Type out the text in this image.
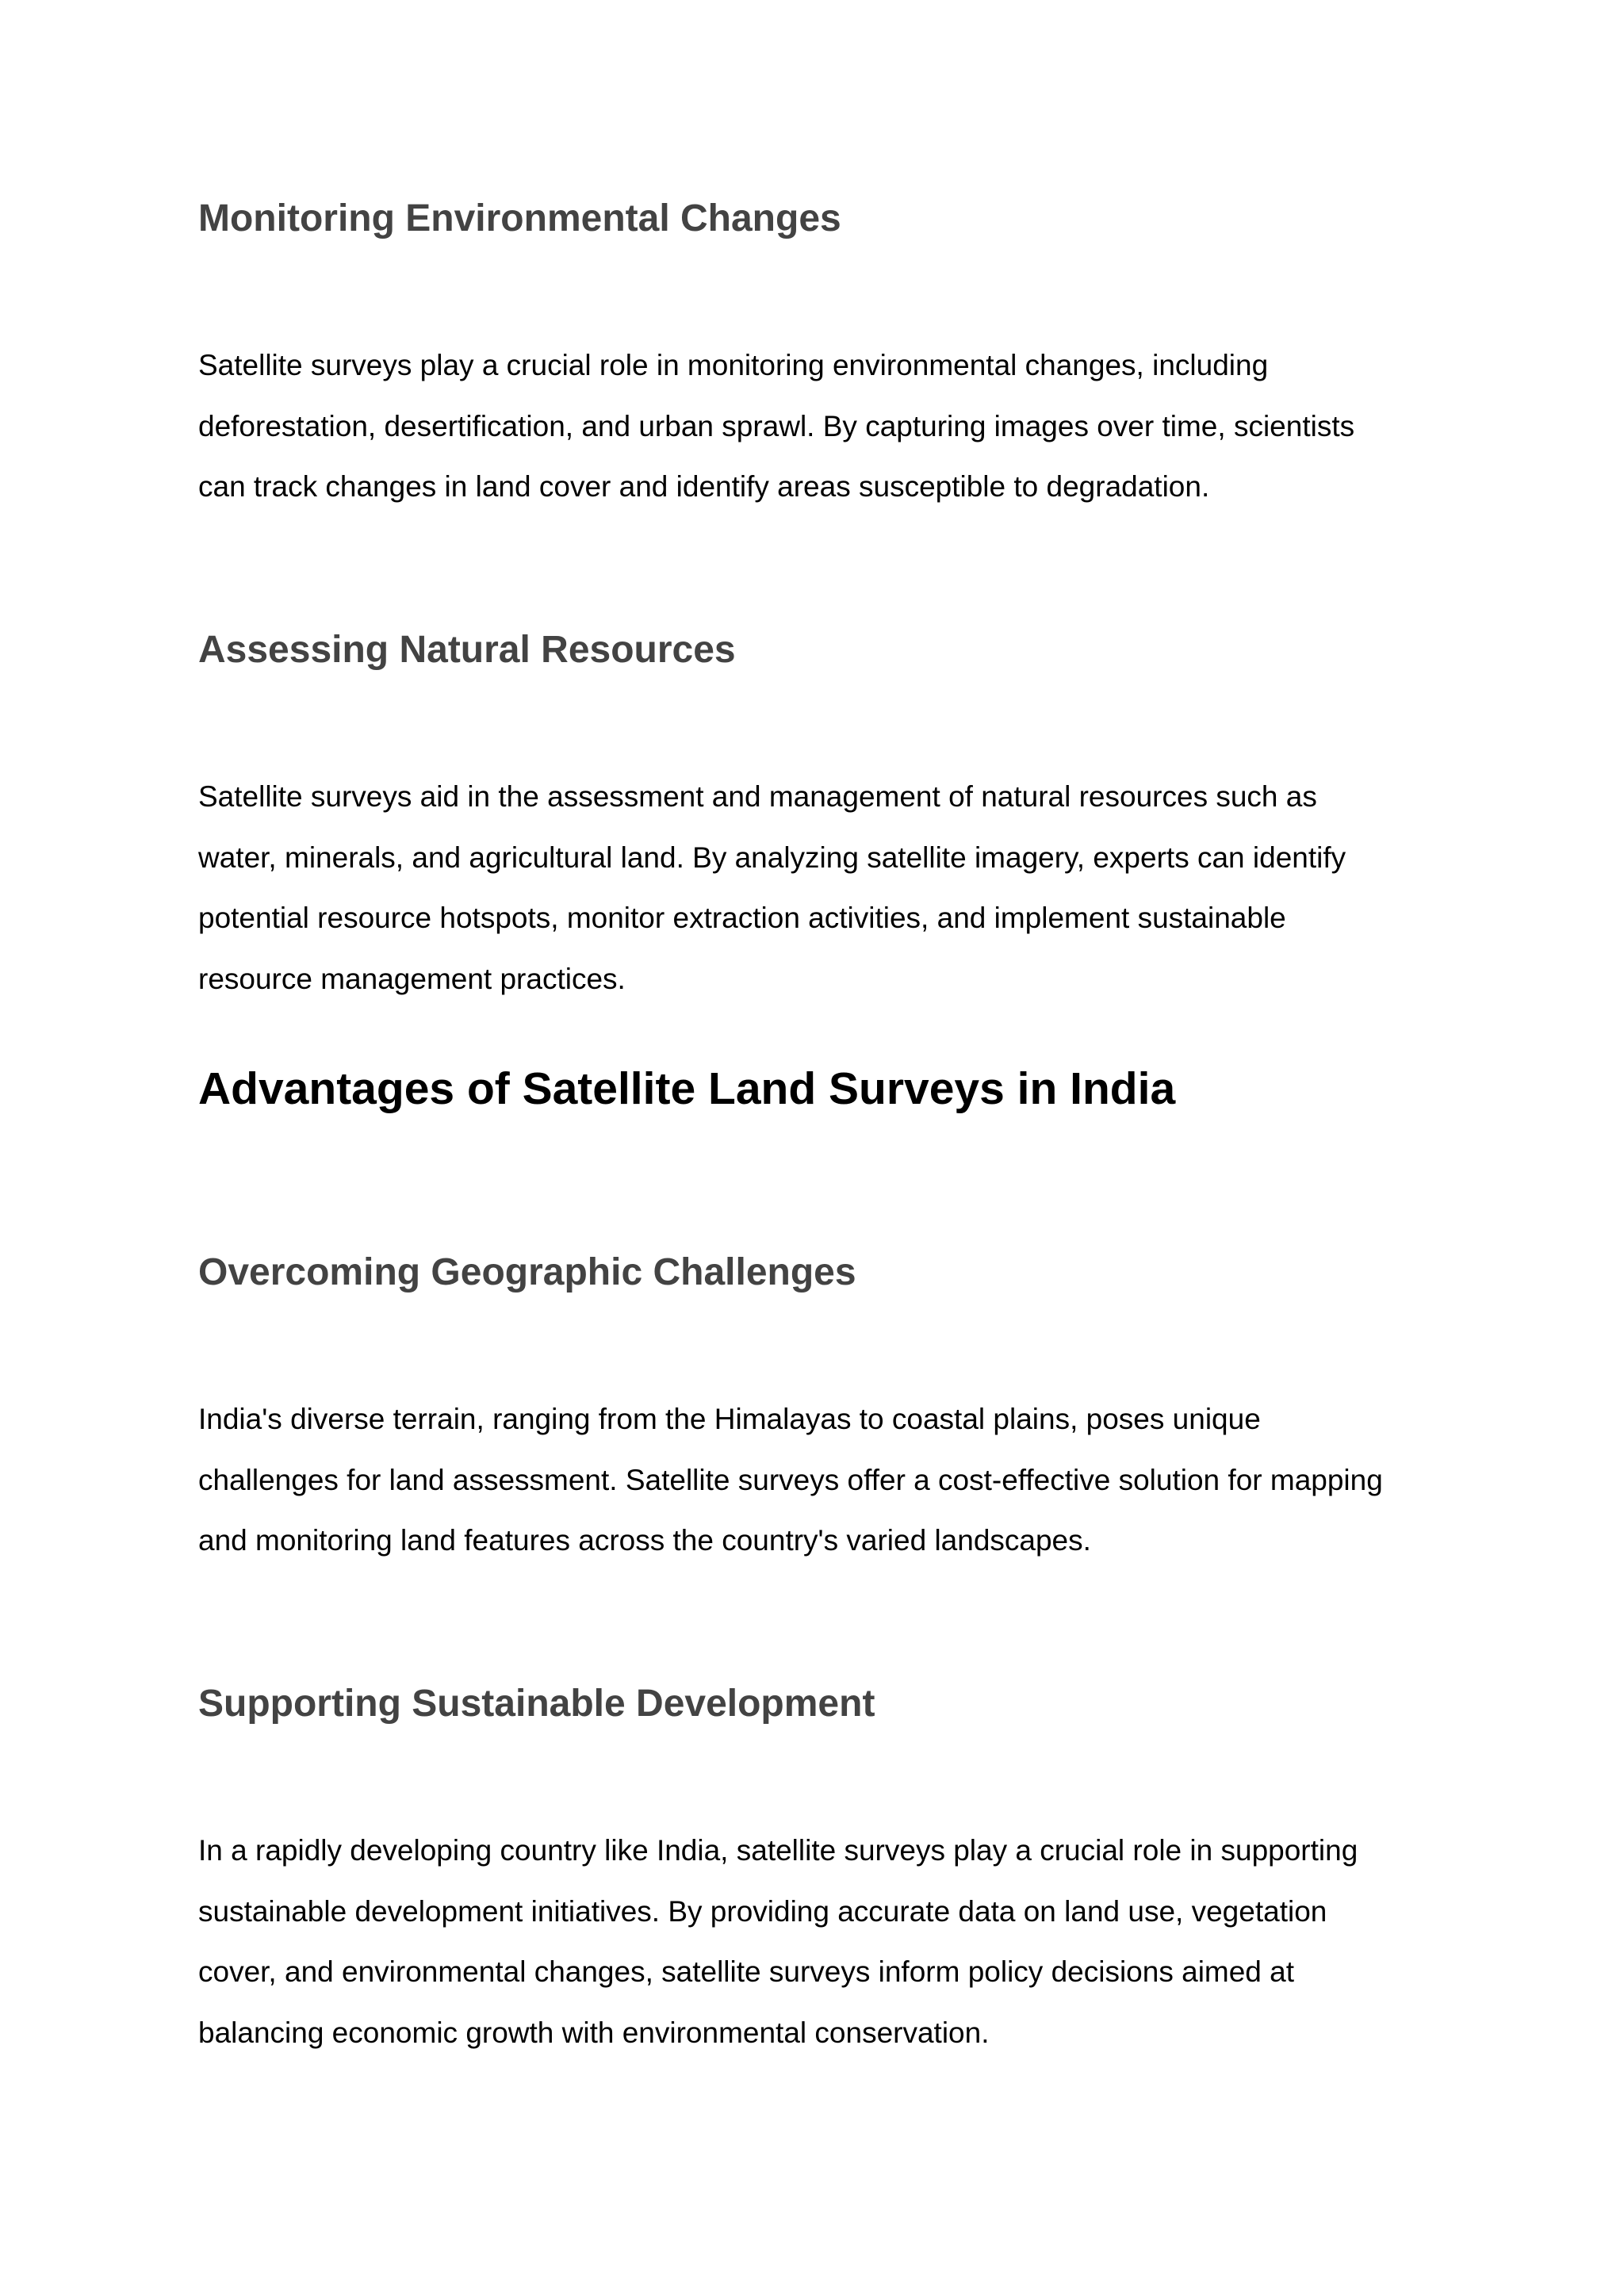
Monitoring Environmental Changes

Satellite surveys play a crucial role in monitoring environmental changes, including
deforestation, desertification, and urban sprawl. By capturing images over time, scientists
can track changes in land cover and identify areas susceptible to degradation.

Assessing Natural Resources

Satellite surveys aid in the assessment and management of natural resources such as
water, minerals, and agricultural land. By analyzing satellite imagery, experts can identify
potential resource hotspots, monitor extraction activities, and implement sustainable
resource management practices.

Advantages of Satellite Land Surveys in India
Overcoming Geographic Challenges

India's diverse terrain, ranging from the Himalayas to coastal plains, poses unique
challenges for land assessment. Satellite surveys offer a cost-effective solution for mapping
and monitoring land features across the country's varied landscapes.

Supporting Sustainable Development

In a rapidly developing country like India, satellite surveys play a crucial role in supporting
sustainable development initiatives. By providing accurate data on land use, vegetation
cover, and environmental changes, satellite surveys inform policy decisions aimed at
balancing economic growth with environmental conservation.
